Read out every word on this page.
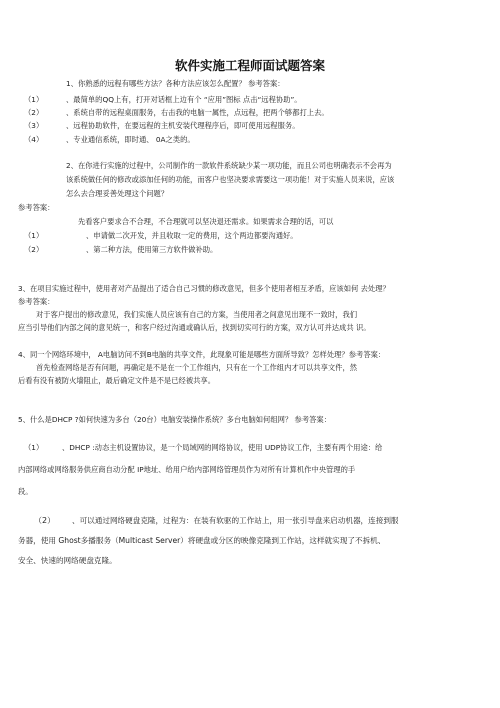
软件实施工程师面试题答案
1、你熟悉的远程有哪些方法？各种方法应该怎么配置？ 参考答案：
（1）	、最简单的QQ上有，打开对话框上边有个 “应用”图标 点击“远程协助”。
（2）	、系统自带的远程桌面服务，右击我的电脑一属性，点远程，把两个够都打上去。
（3）	、远程协助软件，在要远程的主机安装代理程序后，即可使用远程服务。
（4）	、专业通信系统，即时通、 0A之类的。
2、在你进行实施的过程中，公司制作的一款软件系统缺少某一项功能，而且公司也明确表示不会再为
该系统做任何的修改或添加任何的功能，而客户也坚决要求需要这一项功能！对于实施人员来说，应该
怎么去合理妥善处理这个问题？
参考答案：
先看客户要求合不合理，不合理就可以坚决退还需求。如果需求合理的话，可以
（1）	、申请做二次开发，并且收取一定的费用，这个两边都要沟通好。
（2）	、第二种方法，使用第三方软件做补助。
3、在项目实施过程中，使用者对产品提出了适合自己习惯的修改意见，但多个使用者相互矛盾，应该如何 去处理？
参考答案：
对于客户提出的修改意见，我们实施人员应该有自己的方案，当使用者之间意见出现不一致时，我们
应当引导他们内部之间的意见统一，和客户经过沟通或确认后，找到切实可行的方案，双方认可并达成共 识。
4、同一个网络环境中， A电脑访问不到B电脑的共享文件，此现象可能是哪些方面所导致？怎样处理？参考答案：
首先检查网络是否有问题，再确定是不是在一个工作组内，只有在一个工作组内才可以共享文件，然
后看有没有被防火墙阻止，最后确定文件是不是已经被共享。
5、什么是DHCP ?如何快速为多台（20台）电脑安装操作系统？多台电脑如何组网？ 参考答案：
（1）	、DHCP :动态主机设置协议，是一个局域网的网络协议，使用 UDP协议工作，主要有两个用途：给
内部网络或网络服务供应商自动分配 IP地址、给用户给内部网络管理员作为对所有计算机作中央管理的手
段。
（2） 、可以通过网络硬盘克隆，过程为：在装有软驱的工作站上，用一张引导盘来启动机器，连接到服
务器，使用 Ghost多播服务（Multicast Server）将硬盘或分区的映像克隆到工作站，这样就实现了不拆机、
安全、快速的网络硬盘克隆。
